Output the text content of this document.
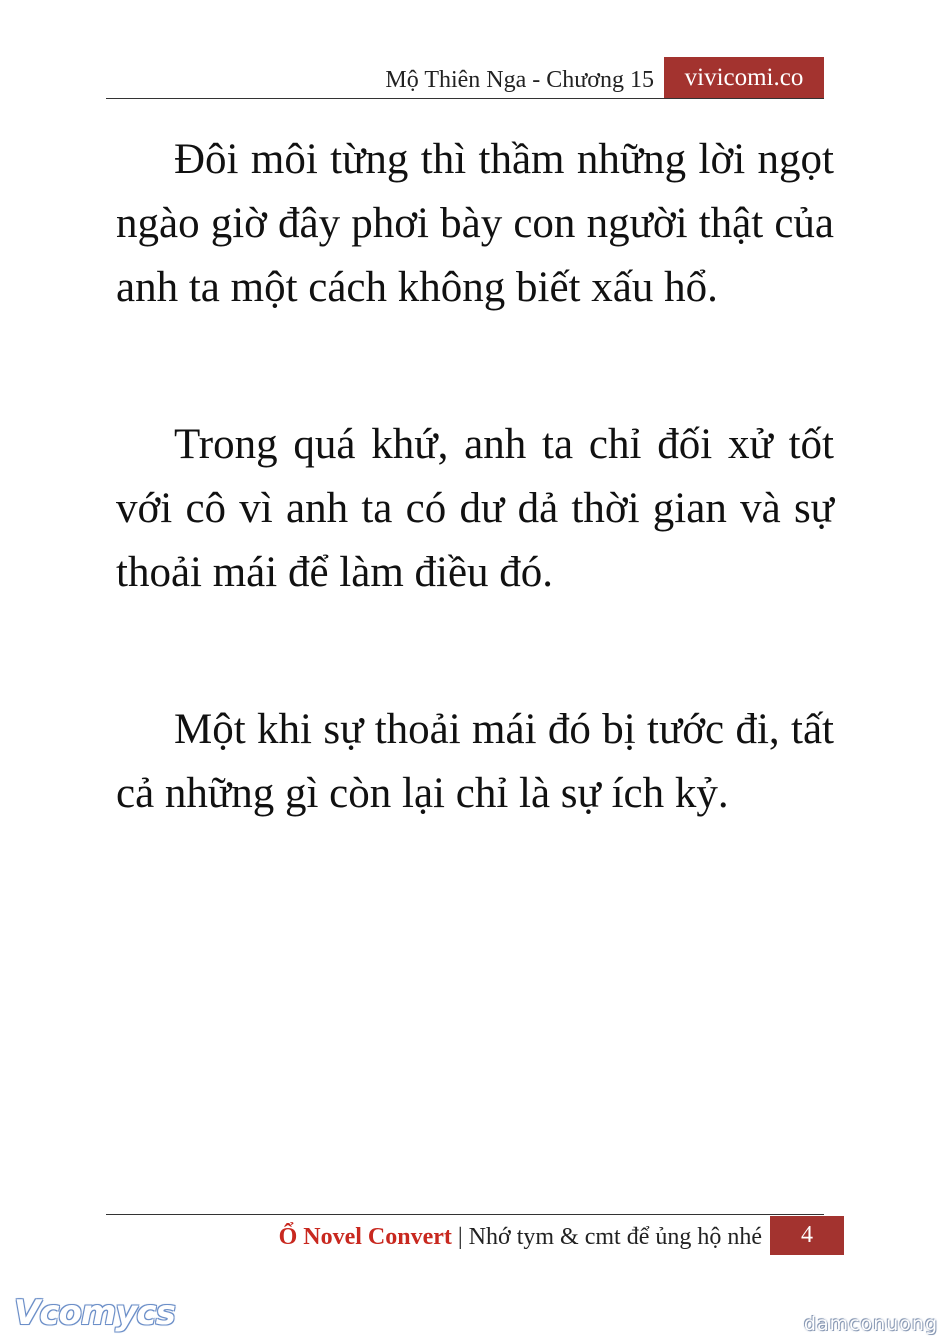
Mộ Thiên Nga - Chương 15	vivicomi.co

Đôi môi từng thì thầm những lời ngọt ngào giờ đây phơi bày con người thật của anh ta một cách không biết xấu hổ.

Trong quá khứ, anh ta chỉ đối xử tốt với cô vì anh ta có dư dả thời gian và sự thoải mái để làm điều đó.

Một khi sự thoải mái đó bị tước đi, tất cả những gì còn lại chỉ là sự ích kỷ.

Ổ Novel Convert | Nhớ tym & cmt để ủng hộ nhé	4
Vcomycs	damconuong
